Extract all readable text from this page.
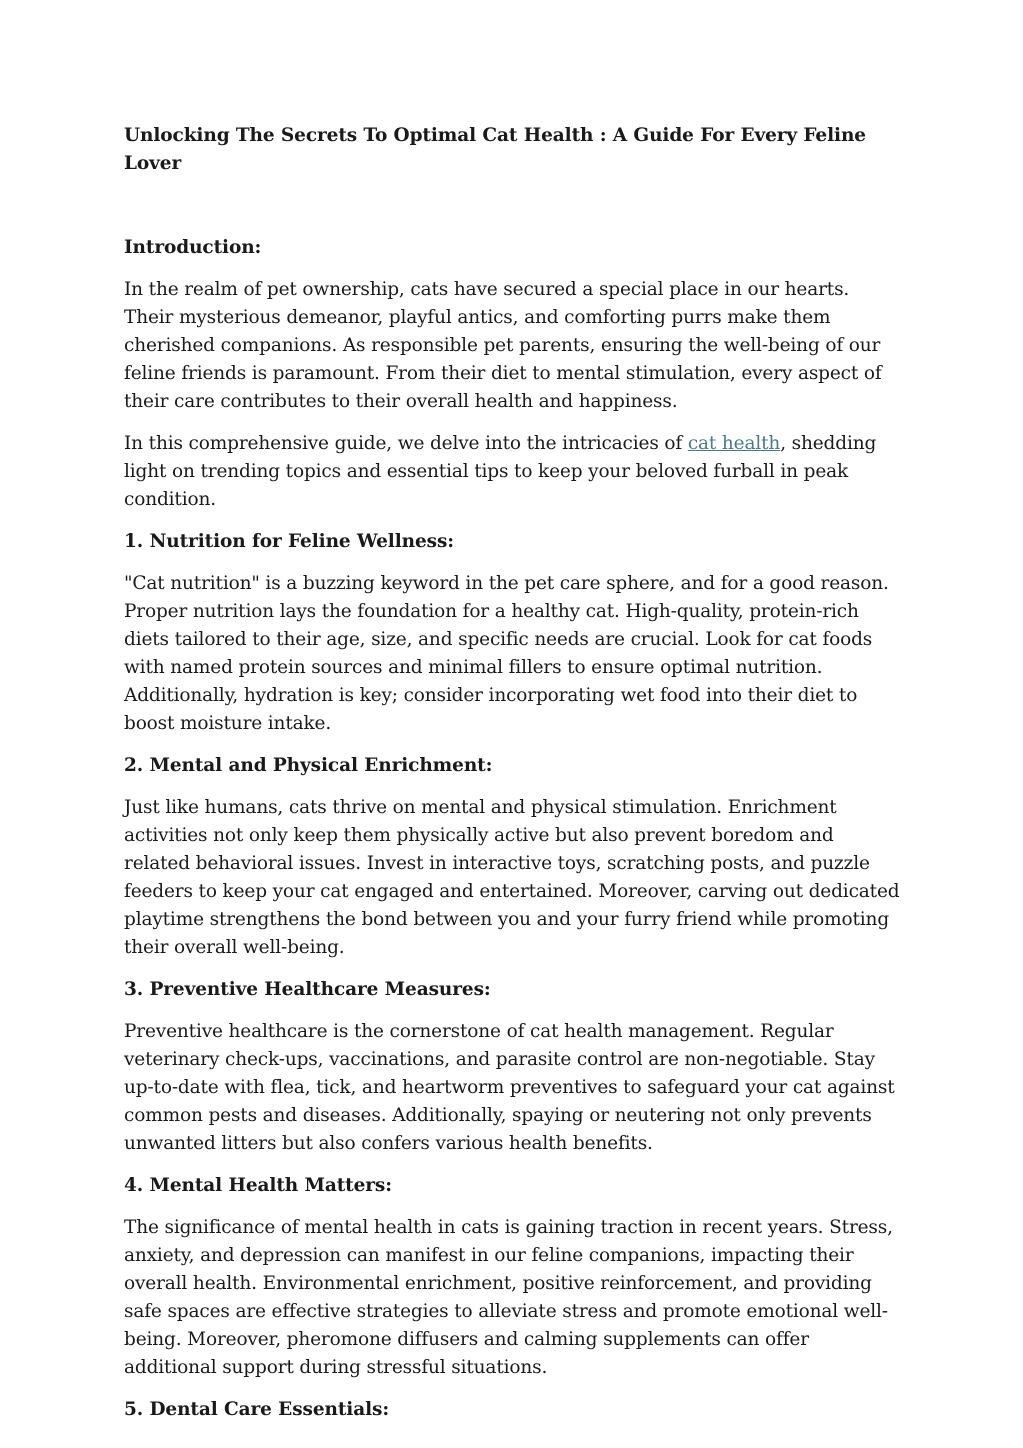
Unlocking The Secrets To Optimal Cat Health : A Guide For Every Feline Lover
Introduction:

In the realm of pet ownership, cats have secured a special place in our hearts. Their mysterious demeanor, playful antics, and comforting purrs make them cherished companions. As responsible pet parents, ensuring the well-being of our feline friends is paramount. From their diet to mental stimulation, every aspect of their care contributes to their overall health and happiness.

In this comprehensive guide, we delve into the intricacies of cat health, shedding light on trending topics and essential tips to keep your beloved furball in peak condition.

1. Nutrition for Feline Wellness:

"Cat nutrition" is a buzzing keyword in the pet care sphere, and for a good reason. Proper nutrition lays the foundation for a healthy cat. High-quality, protein-rich diets tailored to their age, size, and specific needs are crucial. Look for cat foods with named protein sources and minimal fillers to ensure optimal nutrition. Additionally, hydration is key; consider incorporating wet food into their diet to boost moisture intake.

2. Mental and Physical Enrichment:

Just like humans, cats thrive on mental and physical stimulation. Enrichment activities not only keep them physically active but also prevent boredom and related behavioral issues. Invest in interactive toys, scratching posts, and puzzle feeders to keep your cat engaged and entertained. Moreover, carving out dedicated playtime strengthens the bond between you and your furry friend while promoting their overall well-being.

3. Preventive Healthcare Measures:

Preventive healthcare is the cornerstone of cat health management. Regular veterinary check-ups, vaccinations, and parasite control are non-negotiable. Stay up-to-date with flea, tick, and heartworm preventives to safeguard your cat against common pests and diseases. Additionally, spaying or neutering not only prevents unwanted litters but also confers various health benefits.

4. Mental Health Matters:

The significance of mental health in cats is gaining traction in recent years. Stress, anxiety, and depression can manifest in our feline companions, impacting their overall health. Environmental enrichment, positive reinforcement, and providing safe spaces are effective strategies to alleviate stress and promote emotional well-being. Moreover, pheromone diffusers and calming supplements can offer additional support during stressful situations.

5. Dental Care Essentials:
